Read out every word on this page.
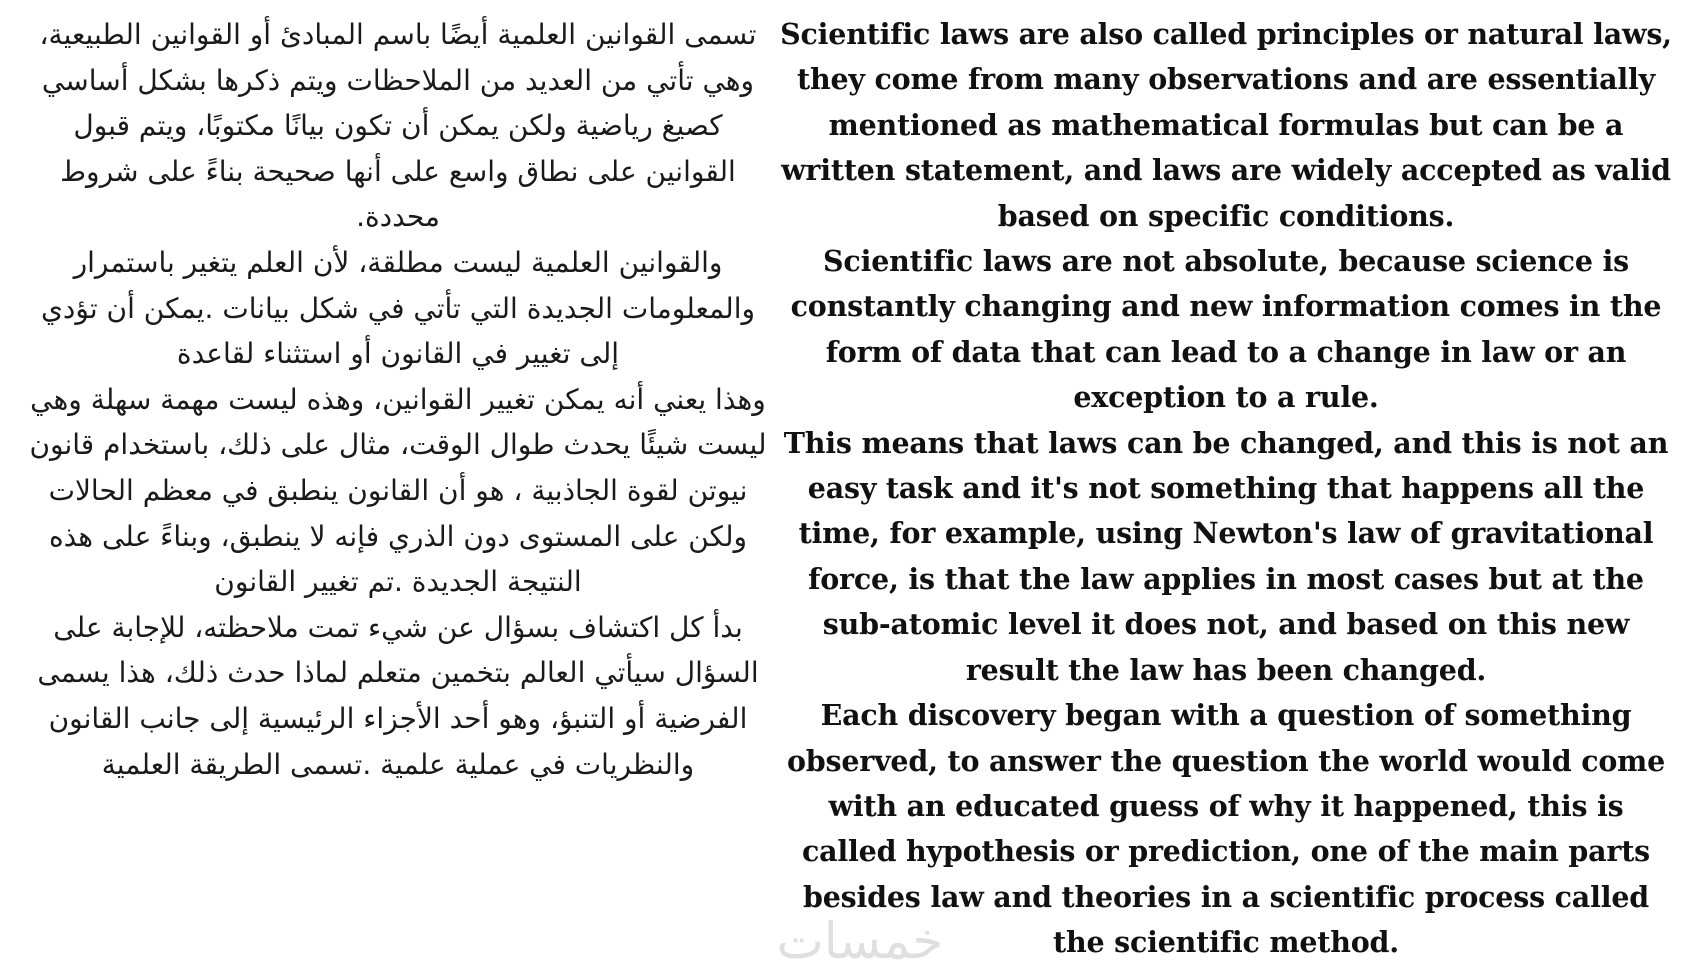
تسمى القوانين العلمية أيضًا باسم المبادئ أو القوانين الطبيعية، وهي تأتي من العديد من الملاحظات ويتم ذكرها بشكل أساسي كصيغ رياضية ولكن يمكن أن تكون بيانًا مكتوبًا، ويتم قبول القوانين على نطاق واسع على أنها صحيحة بناءً على شروط محددة.

والقوانين العلمية ليست مطلقة، لأن العلم يتغير باستمرار والمعلومات الجديدة التي تأتي في شكل بيانات .يمكن أن تؤدي إلى تغيير في القانون أو استثناء لقاعدة

وهذا يعني أنه يمكن تغيير القوانين، وهذه ليست مهمة سهلة وهي ليست شيئًا يحدث طوال الوقت، مثال على ذلك، باستخدام قانون نيوتن لقوة الجاذبية ، هو أن القانون ينطبق في معظم الحالات ولكن على المستوى دون الذري فإنه لا ينطبق، وبناءً على هذه النتيجة الجديدة .تم تغيير القانون

بدأ كل اكتشاف بسؤال عن شيء تمت ملاحظته، للإجابة على السؤال سيأتي العالم بتخمين متعلم لماذا حدث ذلك، هذا يسمى الفرضية أو التنبؤ، وهو أحد الأجزاء الرئيسية إلى جانب القانون والنظريات في عملية علمية .تسمى الطريقة العلمية

Scientific laws are also called principles or natural laws, they come from many observations and are essentially mentioned as mathematical formulas but can be a written statement, and laws are widely accepted as valid based on specific conditions.

Scientific laws are not absolute, because science is constantly changing and new information comes in the form of data that can lead to a change in law or an exception to a rule.

This means that laws can be changed, and this is not an easy task and it's not something that happens all the time, for example, using Newton's law of gravitational force, is that the law applies in most cases but at the sub-atomic level it does not, and based on this new result the law has been changed.

Each discovery began with a question of something observed, to answer the question the world would come with an educated guess of why it happened, this is called hypothesis or prediction, one of the main parts besides law and theories in a scientific process called the scientific method.

خمسات
